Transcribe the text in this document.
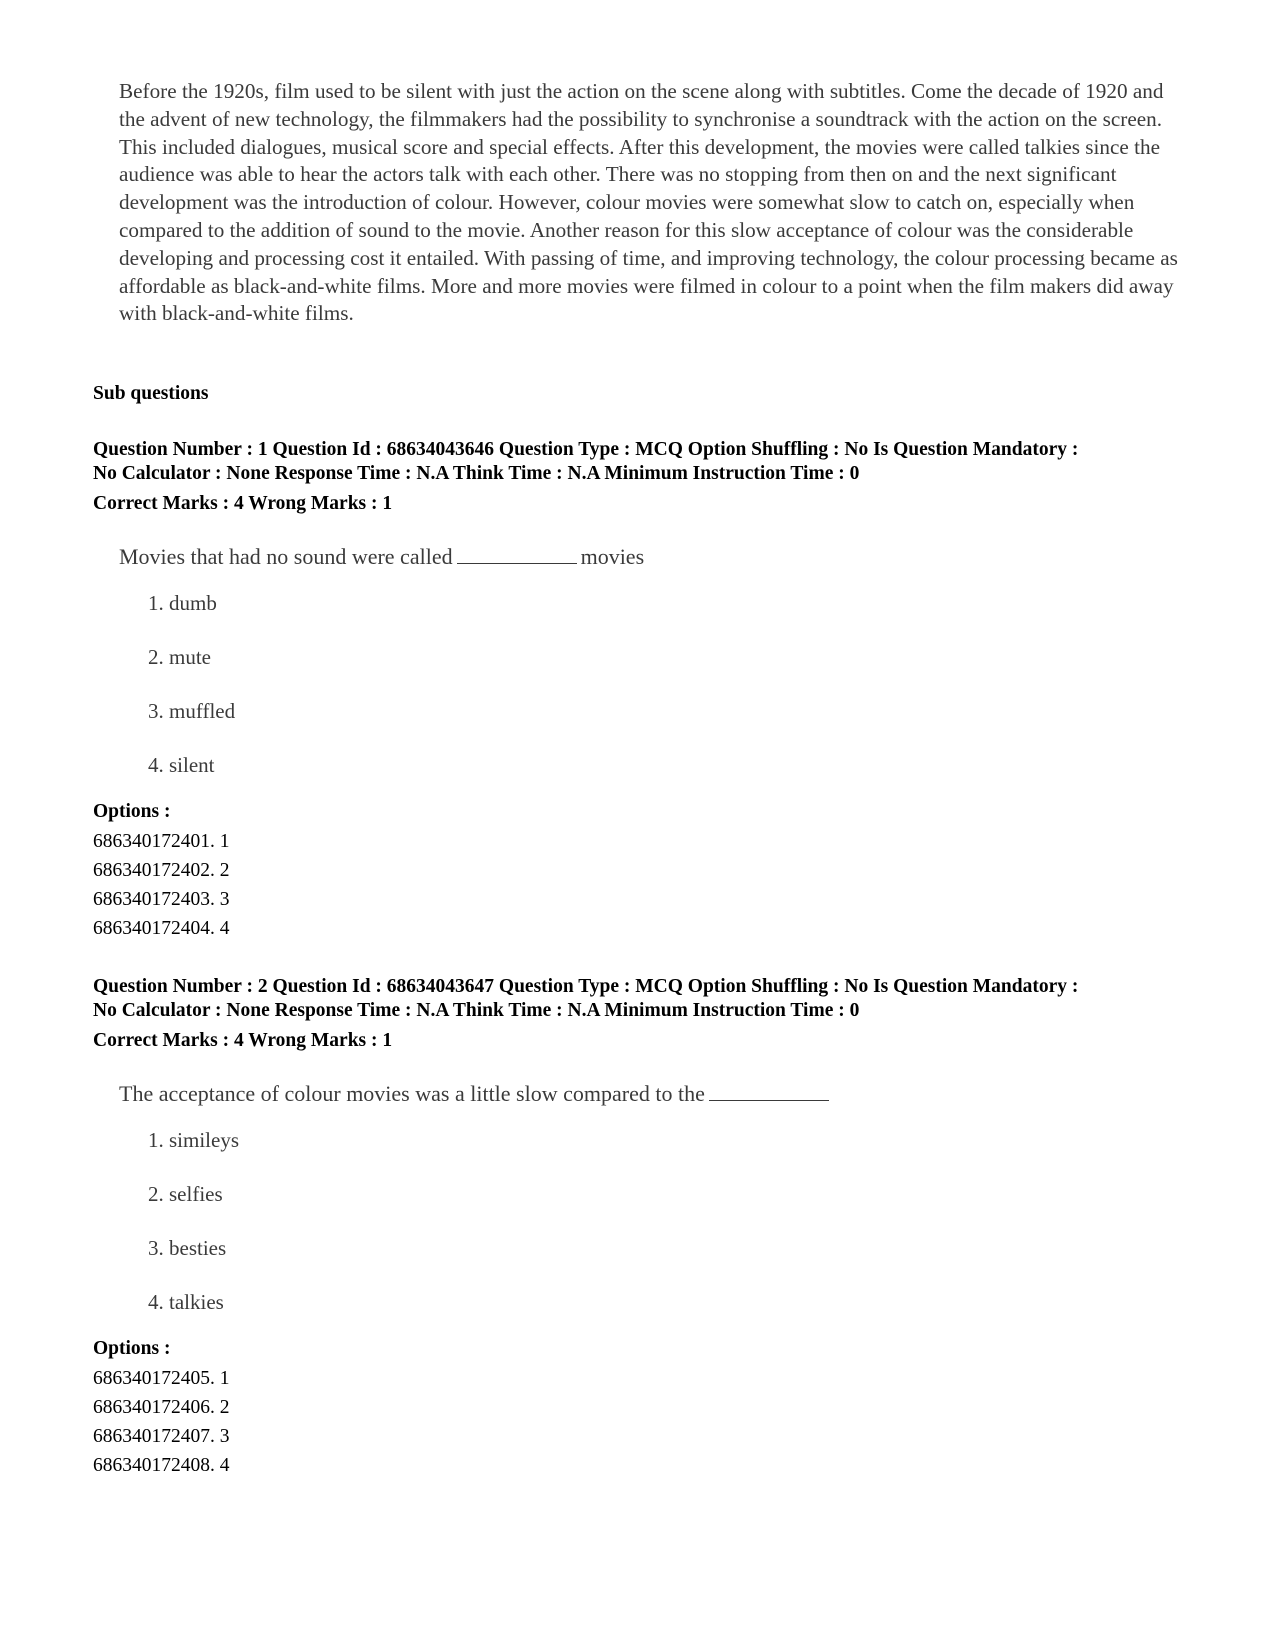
Before the 1920s, film used to be silent with just the action on the scene along with subtitles. Come the decade of 1920 and the advent of new technology, the filmmakers had the possibility to synchronise a soundtrack with the action on the screen. This included dialogues, musical score and special effects. After this development, the movies were called talkies since the audience was able to hear the actors talk with each other. There was no stopping from then on and the next significant development was the introduction of colour. However, colour movies were somewhat slow to catch on, especially when compared to the addition of sound to the movie. Another reason for this slow acceptance of colour was the considerable developing and processing cost it entailed. With passing of time, and improving technology, the colour processing became as affordable as black-and-white films. More and more movies were filmed in colour to a point when the film makers did away with black-and-white films.

Sub questions

Question Number : 1 Question Id : 68634043646 Question Type : MCQ Option Shuffling : No Is Question Mandatory :

No Calculator : None Response Time : N.A Think Time : N.A Minimum Instruction Time : 0

Correct Marks : 4 Wrong Marks : 1

Movies that had no sound were called	movies

1. dumb
2. mute
3. muffled
4. silent

Options :

686340172401. 1
686340172402. 2
686340172403. 3
686340172404. 4

Question Number : 2 Question Id : 68634043647 Question Type : MCQ Option Shuffling : No Is Question Mandatory :

No Calculator : None Response Time : N.A Think Time : N.A Minimum Instruction Time : 0

Correct Marks : 4 Wrong Marks : 1

The acceptance of colour movies was a little slow compared to the

1. simileys
2. selfies
3. besties
4. talkies

Options :

686340172405. 1
686340172406. 2
686340172407. 3
686340172408. 4
